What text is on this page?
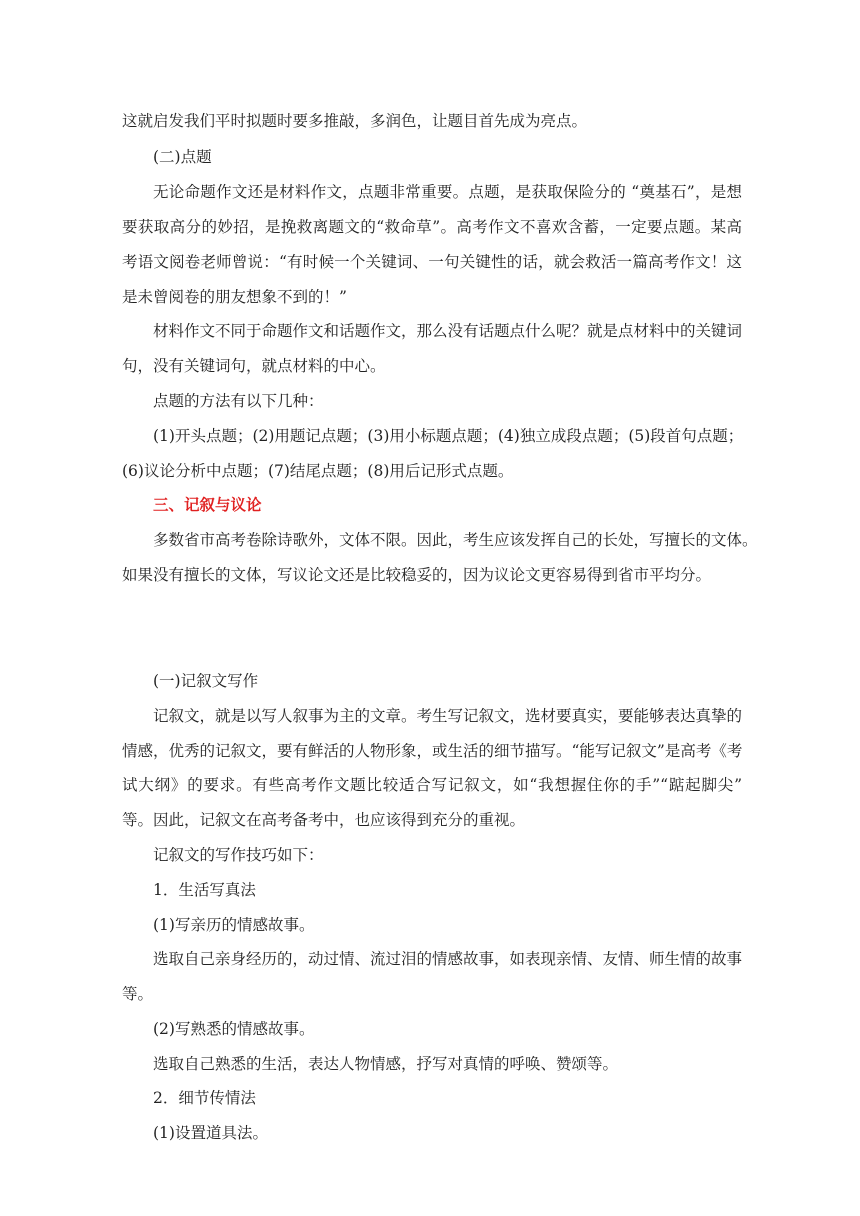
这就启发我们平时拟题时要多推敲，多润色，让题目首先成为亮点。
(二)点题
无论命题作文还是材料作文，点题非常重要。点题，是获取保险分的 “奠基石”，是想
要获取高分的妙招，是挽救离题文的“救命草”。高考作文不喜欢含蓄，一定要点题。某高
考语文阅卷老师曾说：“有时候一个关键词、一句关键性的话，就会救活一篇高考作文！这
是未曾阅卷的朋友想象不到的！”
材料作文不同于命题作文和话题作文，那么没有话题点什么呢？就是点材料中的关键词
句，没有关键词句，就点材料的中心。
点题的方法有以下几种：
(1)开头点题；(2)用题记点题；(3)用小标题点题；(4)独立成段点题；(5)段首句点题；
(6)议论分析中点题；(7)结尾点题；(8)用后记形式点题。
三、记叙与议论
多数省市高考卷除诗歌外，文体不限。因此，考生应该发挥自己的长处，写擅长的文体。
如果没有擅长的文体，写议论文还是比较稳妥的，因为议论文更容易得到省市平均分。
(一)记叙文写作
记叙文，就是以写人叙事为主的文章。考生写记叙文，选材要真实，要能够表达真挚的
情感，优秀的记叙文，要有鲜活的人物形象，或生活的细节描写。“能写记叙文”是高考《考
试大纲》的要求。有些高考作文题比较适合写记叙文，如“我想握住你的手”“踮起脚尖”
等。因此，记叙文在高考备考中，也应该得到充分的重视。
记叙文的写作技巧如下：
1．生活写真法
(1)写亲历的情感故事。
选取自己亲身经历的，动过情、流过泪的情感故事，如表现亲情、友情、师生情的故事
等。
(2)写熟悉的情感故事。
选取自己熟悉的生活，表达人物情感，抒写对真情的呼唤、赞颂等。
2．细节传情法
(1)设置道具法。
